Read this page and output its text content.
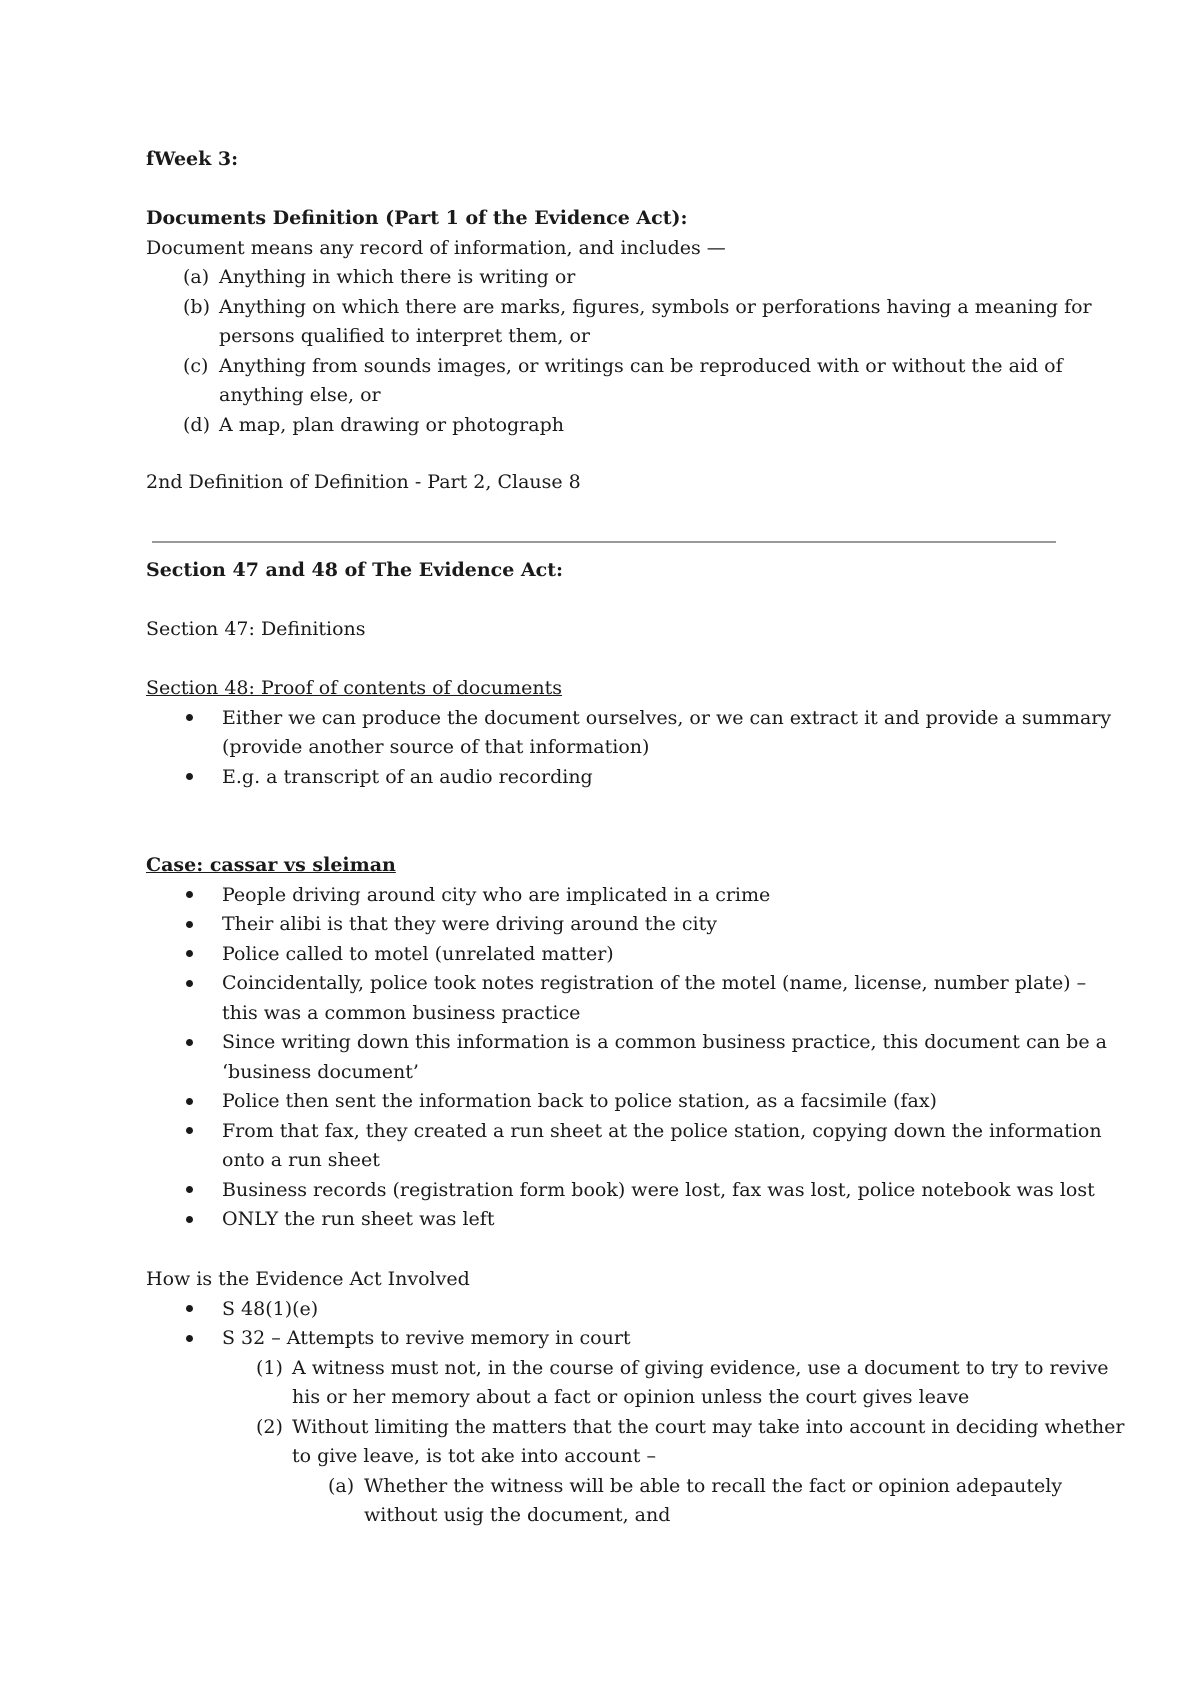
fWeek 3:
Documents Definition (Part 1 of the Evidence Act):
Document means any record of information, and includes —
(a) Anything in which there is writing or
(b) Anything on which there are marks, figures, symbols or perforations having a meaning for
persons qualified to interpret them, or
(c) Anything from sounds images, or writings can be reproduced with or without the aid of
anything else, or
(d) A map, plan drawing or photograph
2nd Definition of Definition - Part 2, Clause 8
Section 47 and 48 of The Evidence Act:
Section 47: Definitions
Section 48: Proof of contents of documents
Either we can produce the document ourselves, or we can extract it and provide a summary
(provide another source of that information)
E.g. a transcript of an audio recording
Case: cassar vs sleiman
People driving around city who are implicated in a crime
Their alibi is that they were driving around the city
Police called to motel (unrelated matter)
Coincidentally, police took notes registration of the motel (name, license, number plate) –
this was a common business practice
Since writing down this information is a common business practice, this document can be a
‘business document’
Police then sent the information back to police station, as a facsimile (fax)
From that fax, they created a run sheet at the police station, copying down the information
onto a run sheet
Business records (registration form book) were lost, fax was lost, police notebook was lost
ONLY the run sheet was left
How is the Evidence Act Involved
S 48(1)(e)
S 32 – Attempts to revive memory in court
(1) A witness must not, in the course of giving evidence, use a document to try to revive
his or her memory about a fact or opinion unless the court gives leave
(2) Without limiting the matters that the court may take into account in deciding whether
to give leave, is tot ake into account –
(a) Whether the witness will be able to recall the fact or opinion adepautely
without usig the document, and
